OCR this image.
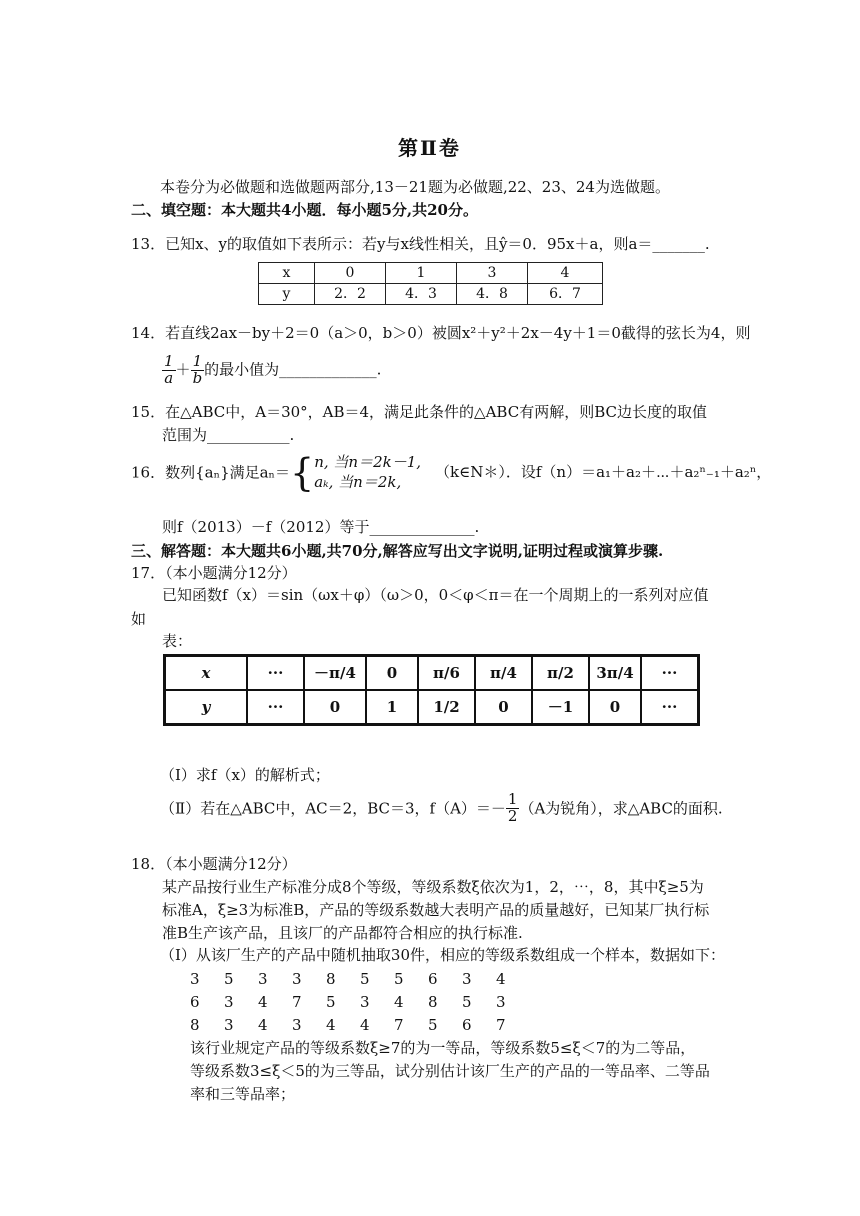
第Ⅱ卷
本卷分为必做题和选做题两部分,13－21题为必做题,22、23、24为选做题。
二、填空题：本大题共4小题．每小题5分,共20分。
13．已知x、y的取值如下表所示：若y与x线性相关，且ŷ＝0．95x＋a，则a＝_______.
x	0	1	3	4
y	2．2	4．3	4．8	6．7
14．若直线2ax－by＋2＝0（a＞0，b＞0）被圆x²＋y²＋2x－4y＋1＝0截得的弦长为4，则
$\frac{1}{a} + \frac{1}{b}$ 的最小值为_____________.
15．在△ABC中，A＝30°，AB＝4，满足此条件的△ABC有两解，则BC边长度的取值
范围为___________.
16．数列{aₙ}满足aₙ＝{n, 当n＝2k－1,
aₖ, 当n＝2k,（k∈N＊）．设f（n）＝a₁＋a₂＋⋯＋a₂ⁿ₋₁＋a₂ⁿ，
则f（2013）－f（2012）等于______________.
三、解答题：本大题共6小题,共70分,解答应写出文字说明,证明过程或演算步骤.
17．（本小题满分12分）
已知函数f（x）＝sin（ωx＋φ）（ω＞0，0＜φ＜π＝在一个周期上的一系列对应值
如
表：
x	···	－π/4	0	π/6	π/4	π/2	3π/4	···
y	···	0	1	1/2	0	－1	0	···
（Ⅰ）求f（x）的解析式；
（Ⅱ）若在△ABC中，AC＝2，BC＝3，$f(A)=- \frac{1}{2} (A$为锐角），求△ABC的面积.
18．（本小题满分12分）
某产品按行业生产标准分成8个等级，等级系数ξ依次为1，2，⋯，8，其中ξ≥5为
标准A，ξ≥3为标准B，产品的等级系数越大表明产品的质量越好，已知某厂执行标
准B生产该产品，且该厂的产品都符合相应的执行标准.
（Ⅰ）从该厂生产的产品中随机抽取30件，相应的等级系数组成一个样本，数据如下：
3 5 3 3 8 5 5 6 3 4
6 3 4 7 5 3 4 8 5 3
8 3 4 3 4 4 7 5 6 7
该行业规定产品的等级系数ξ≥7的为一等品，等级系数5≤ξ＜7的为二等品，
等级系数3≤ξ＜5的为三等品，试分别估计该厂生产的产品的一等品率、二等品
率和三等品率；
